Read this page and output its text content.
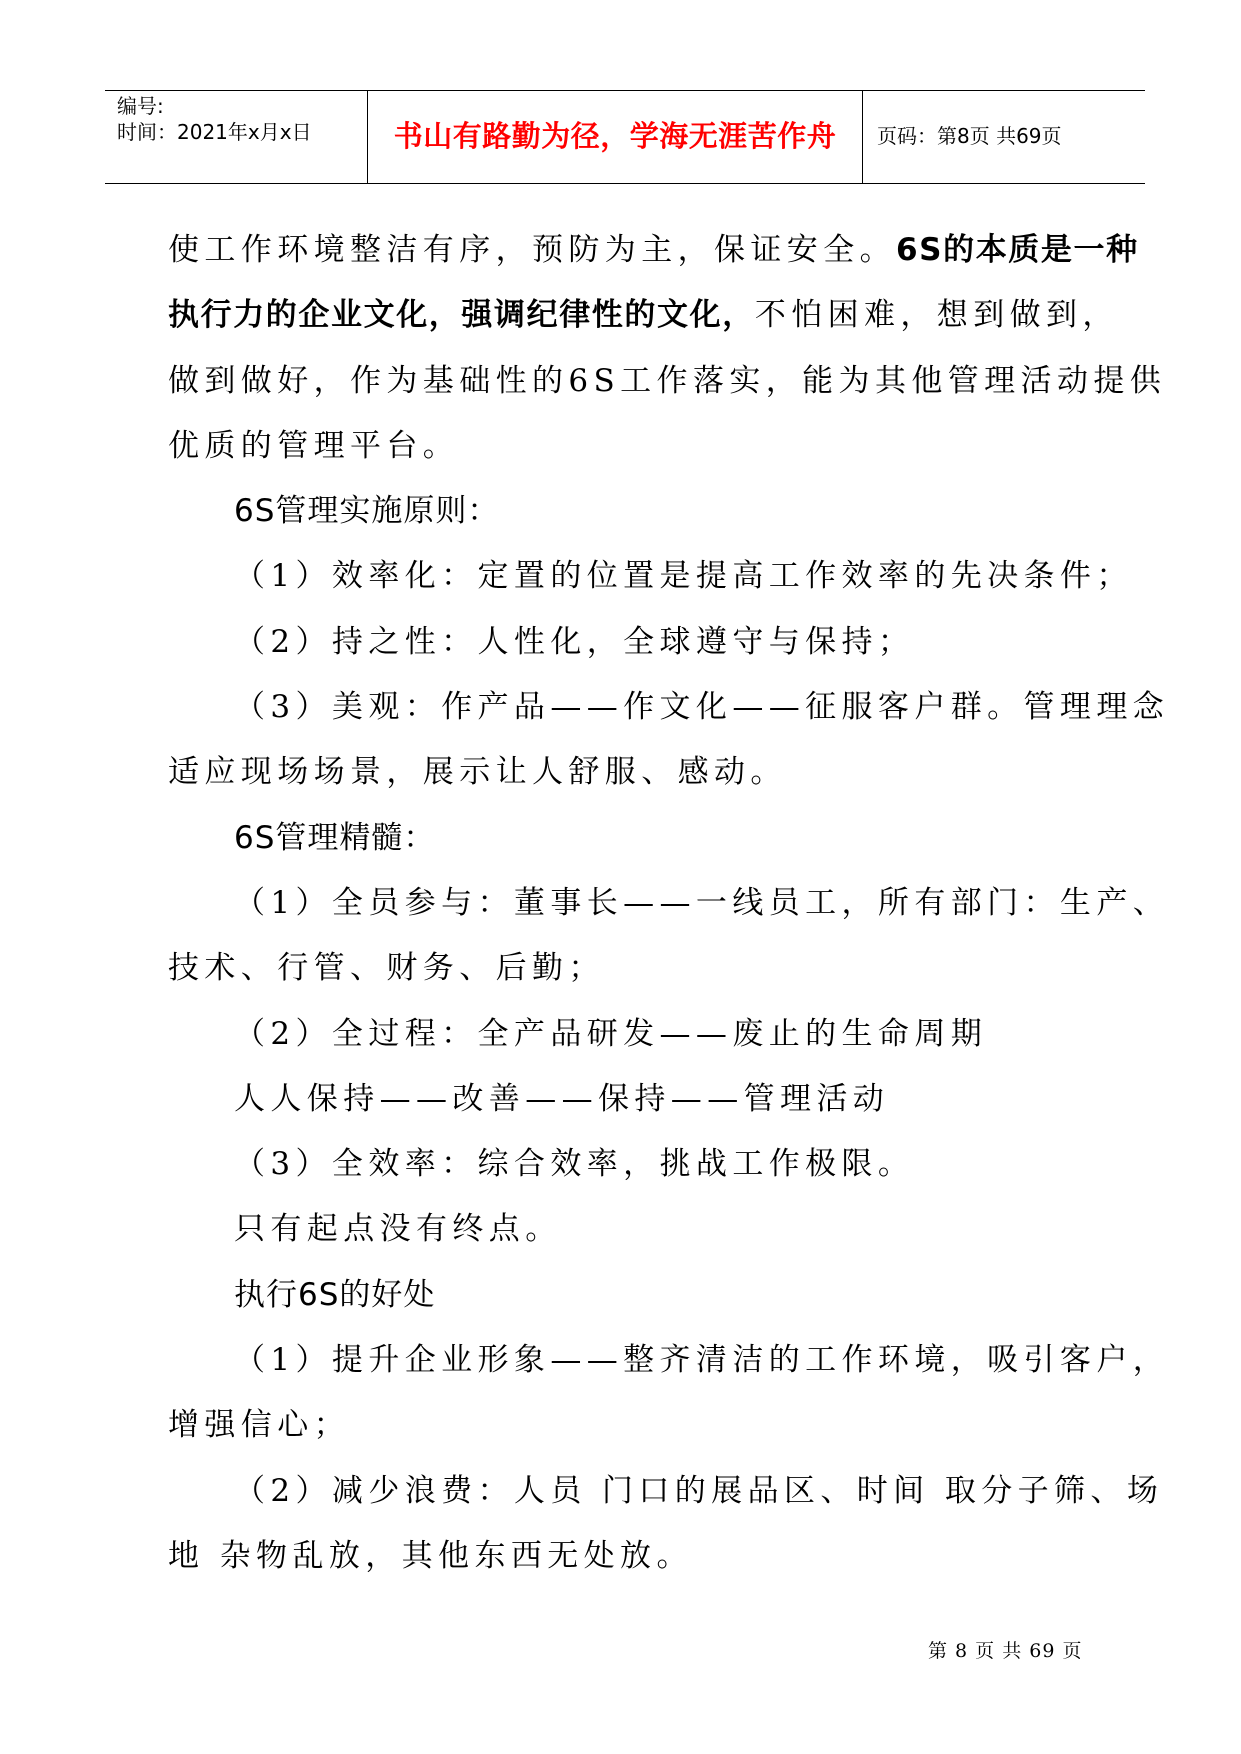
编号:
时间：2021年x月x日	书山有路勤为径，学海无涯苦作舟	页码：第8页 共69页
使工作环境整洁有序，预防为主，保证安全。6S的本质是一种
执行力的企业文化，强调纪律性的文化，不怕困难，想到做到，
做到做好，作为基础性的6S工作落实，能为其他管理活动提供
优质的管理平台。
6S管理实施原则：
（1）效率化：定置的位置是提高工作效率的先决条件；
（2）持之性：人性化，全球遵守与保持；
（3）美观：作产品——作文化——征服客户群。管理理念
适应现场场景，展示让人舒服、感动。
6S管理精髓：
（1）全员参与：董事长——一线员工，所有部门：生产、
技术、行管、财务、后勤；
（2）全过程：全产品研发——废止的生命周期
人人保持——改善——保持——管理活动
（3）全效率：综合效率，挑战工作极限。
只有起点没有终点。
执行6S的好处
（1）提升企业形象——整齐清洁的工作环境，吸引客户，
增强信心；
（2）减少浪费：人员 门口的展品区、时间 取分子筛、场
地 杂物乱放，其他东西无处放。
第 8 页 共 69 页
